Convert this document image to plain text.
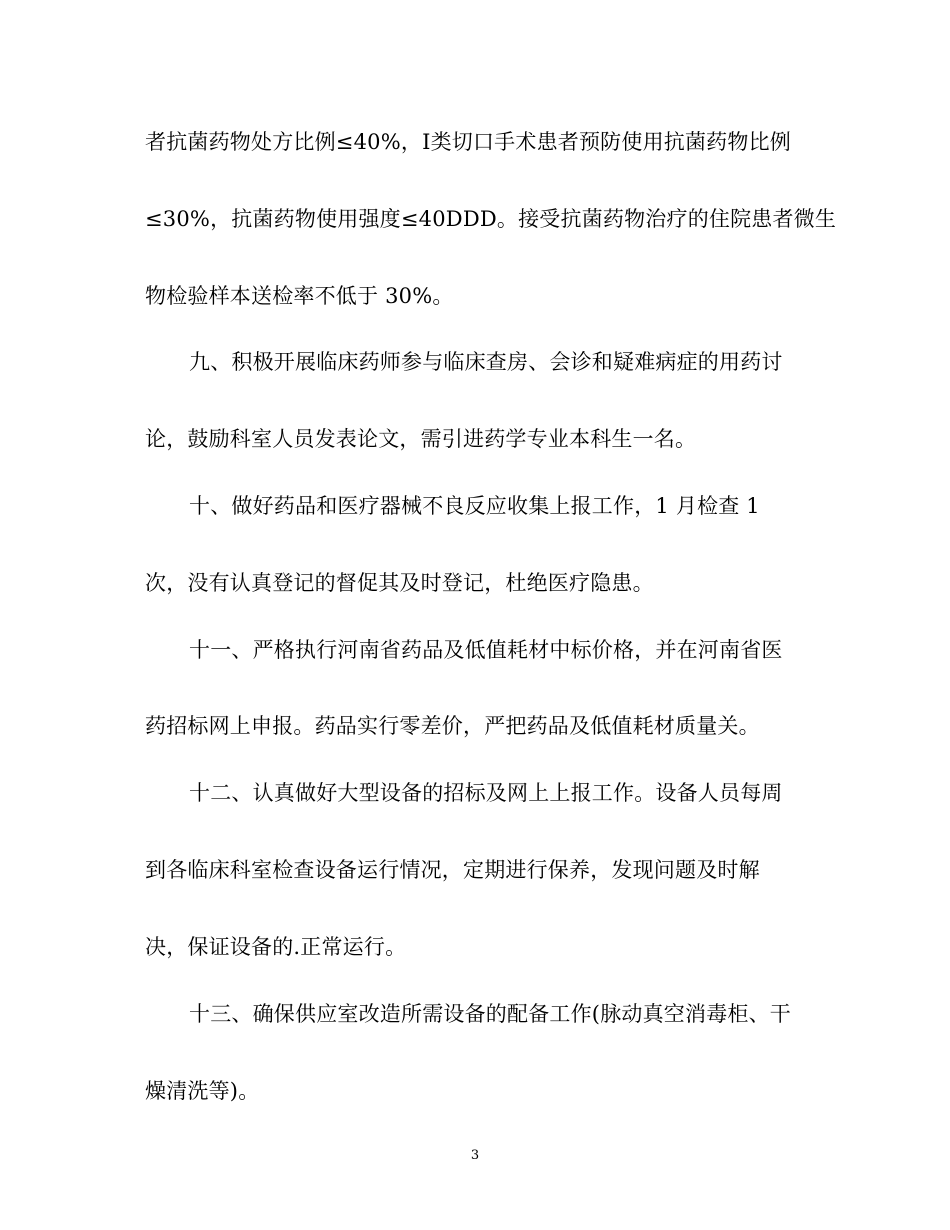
者抗菌药物处方比例≤40%，I类切口手术患者预防使用抗菌药物比例
≤30%，抗菌药物使用强度≤40DDD。接受抗菌药物治疗的住院患者微生
物检验样本送检率不低于 30%。
九、积极开展临床药师参与临床查房、会诊和疑难病症的用药讨
论，鼓励科室人员发表论文，需引进药学专业本科生一名。
十、做好药品和医疗器械不良反应收集上报工作，1 月检查 1
次，没有认真登记的督促其及时登记，杜绝医疗隐患。
十一、严格执行河南省药品及低值耗材中标价格，并在河南省医
药招标网上申报。药品实行零差价，严把药品及低值耗材质量关。
十二、认真做好大型设备的招标及网上上报工作。设备人员每周
到各临床科室检查设备运行情况，定期进行保养，发现问题及时解
决，保证设备的.正常运行。
十三、确保供应室改造所需设备的配备工作(脉动真空消毒柜、干
燥清洗等)。
3
